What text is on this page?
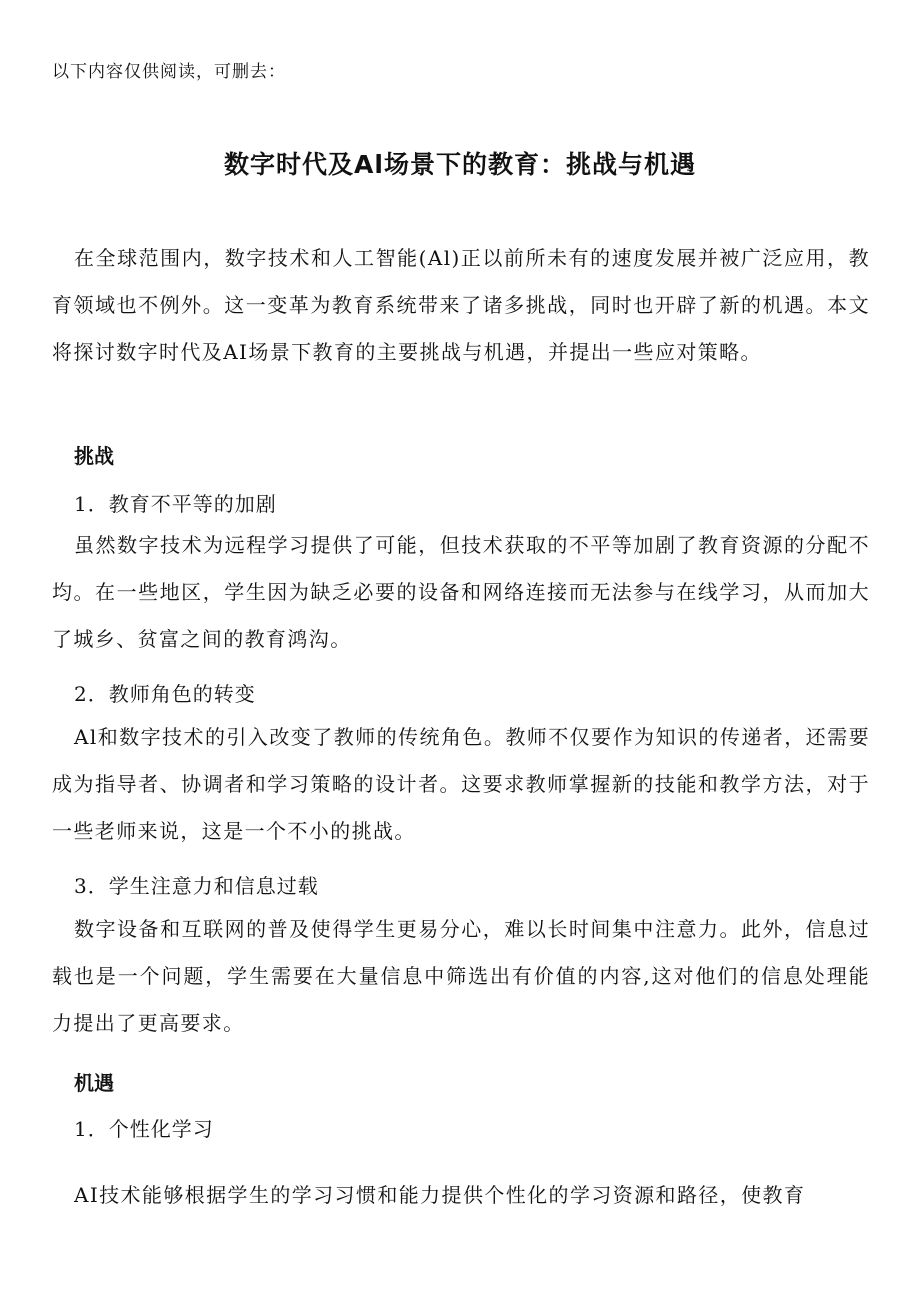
以下内容仅供阅读，可删去：
数字时代及Al场景下的教育：挑战与机遇
在全球范围内，数字技术和人工智能(Al)正以前所未有的速度发展并被广泛应用，教育领域也不例外。这一变革为教育系统带来了诸多挑战，同时也开辟了新的机遇。本文将探讨数字时代及AI场景下教育的主要挑战与机遇，并提出一些应对策略。
挑战
1．教育不平等的加剧
虽然数字技术为远程学习提供了可能，但技术获取的不平等加剧了教育资源的分配不均。在一些地区，学生因为缺乏必要的设备和网络连接而无法参与在线学习，从而加大了城乡、贫富之间的教育鸿沟。
2．教师角色的转变
Al和数字技术的引入改变了教师的传统角色。教师不仅要作为知识的传递者，还需要成为指导者、协调者和学习策略的设计者。这要求教师掌握新的技能和教学方法，对于一些老师来说，这是一个不小的挑战。
3．学生注意力和信息过载
数字设备和互联网的普及使得学生更易分心，难以长时间集中注意力。此外，信息过载也是一个问题，学生需要在大量信息中筛选出有价值的内容,这对他们的信息处理能力提出了更高要求。
机遇
1．个性化学习
AI技术能够根据学生的学习习惯和能力提供个性化的学习资源和路径，使教育
